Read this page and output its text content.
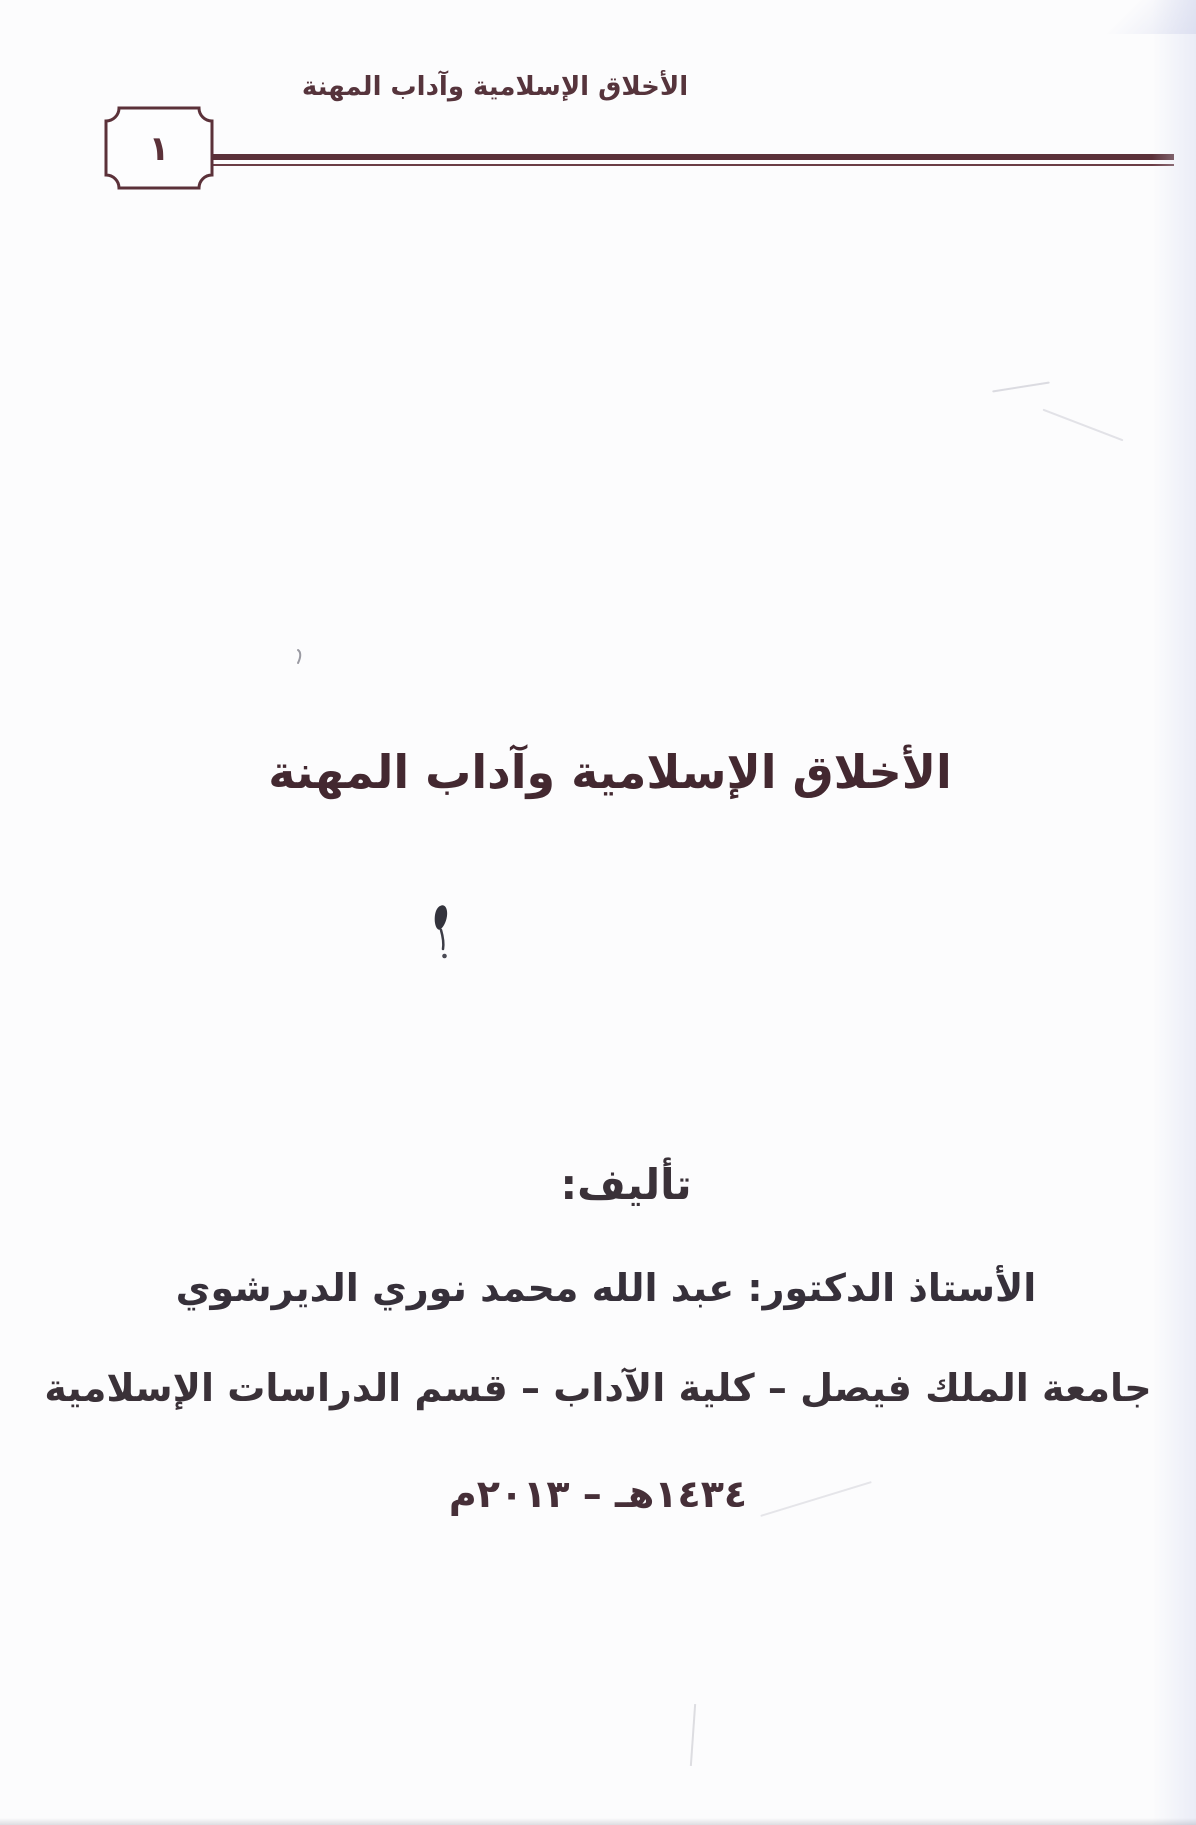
الأخلاق الإسلامية وآداب المهنة
١
الأخلاق الإسلامية وآداب المهنة
تأليف:
الأستاذ الدكتور: عبد الله محمد نوري الديرشوي
جامعة الملك فيصل – كلية الآداب – قسم الدراسات الإسلامية
١٤٣٤هـ – ٢٠١٣م
